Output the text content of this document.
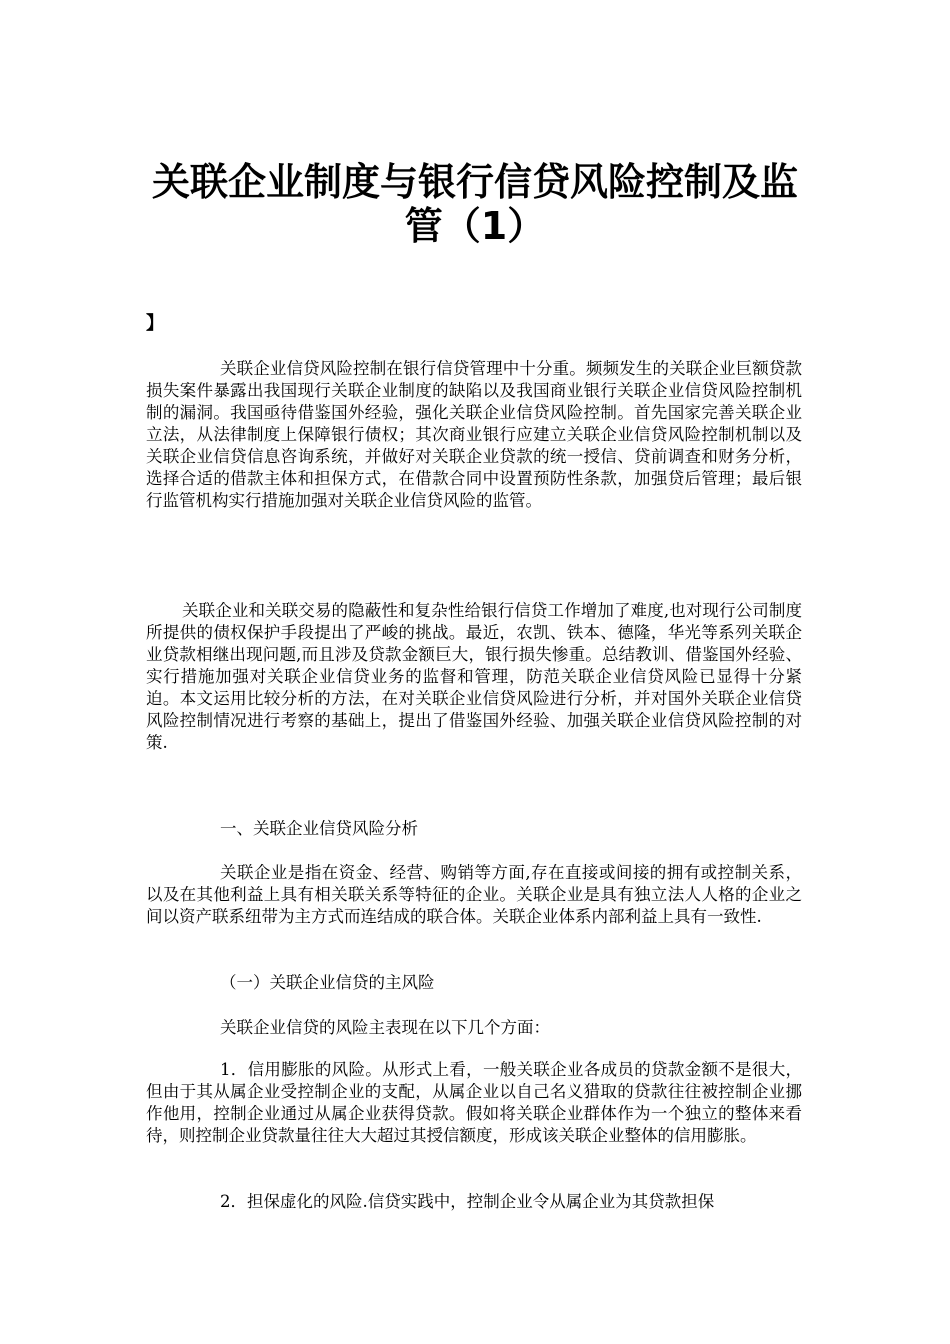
关联企业制度与银行信贷风险控制及监管（1）
】

关联企业信贷风险控制在银行信贷管理中十分重。频频发生的关联企业巨额贷款损失案件暴露出我国现行关联企业制度的缺陷以及我国商业银行关联企业信贷风险控制机制的漏洞。我国亟待借鉴国外经验，强化关联企业信贷风险控制。首先国家完善关联企业立法，从法律制度上保障银行债权；其次商业银行应建立关联企业信贷风险控制机制以及关联企业信贷信息咨询系统，并做好对关联企业贷款的统一授信、贷前调查和财务分析，选择合适的借款主体和担保方式，在借款合同中设置预防性条款，加强贷后管理；最后银行监管机构实行措施加强对关联企业信贷风险的监管。

关联企业和关联交易的隐蔽性和复杂性给银行信贷工作增加了难度,也对现行公司制度所提供的债权保护手段提出了严峻的挑战。最近，农凯、铁本、德隆，华光等系列关联企业贷款相继出现问题,而且涉及贷款金额巨大，银行损失惨重。总结教训、借鉴国外经验、实行措施加强对关联企业信贷业务的监督和管理，防范关联企业信贷风险已显得十分紧迫。本文运用比较分析的方法，在对关联企业信贷风险进行分析，并对国外关联企业信贷风险控制情况进行考察的基础上，提出了借鉴国外经验、加强关联企业信贷风险控制的对策.

一、关联企业信贷风险分析

关联企业是指在资金、经营、购销等方面,存在直接或间接的拥有或控制关系，以及在其他利益上具有相关联关系等特征的企业。关联企业是具有独立法人人格的企业之间以资产联系纽带为主方式而连结成的联合体。关联企业体系内部利益上具有一致性.

（一）关联企业信贷的主风险

关联企业信贷的风险主表现在以下几个方面：

1．信用膨胀的风险。从形式上看，一般关联企业各成员的贷款金额不是很大，但由于其从属企业受控制企业的支配，从属企业以自己名义猎取的贷款往往被控制企业挪作他用，控制企业通过从属企业获得贷款。假如将关联企业群体作为一个独立的整体来看待，则控制企业贷款量往往大大超过其授信额度，形成该关联企业整体的信用膨胀。

2．担保虚化的风险.信贷实践中，控制企业令从属企业为其贷款担保
